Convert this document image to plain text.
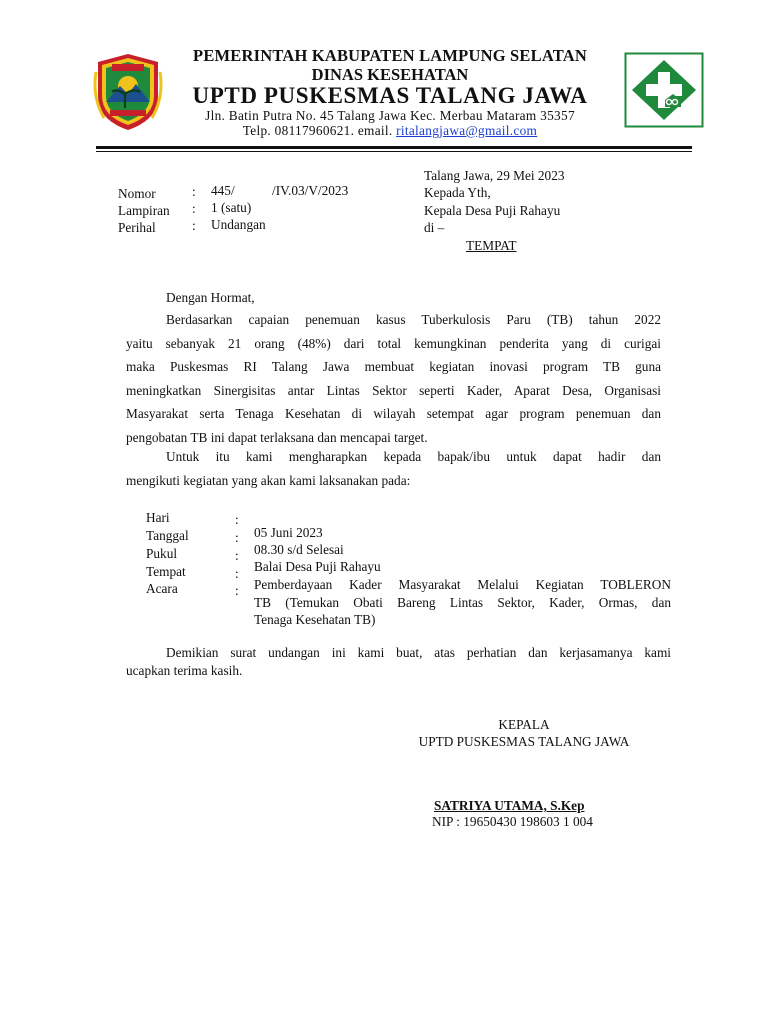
PEMERINTAH KABUPATEN LAMPUNG SELATAN
DINAS KESEHATAN
UPTD PUSKESMAS TALANG JAWA
Jln. Batin Putra No. 45 Talang Jawa Kec. Merbau Mataram 35357
Telp. 08117960621. email. ritalangjawa@gmail.com
Nomor	: 445/	/IV.03/V/2023
Lampiran : 1 (satu)
Perihal	: Undangan
Talang Jawa, 29 Mei 2023
Kepada Yth,
Kepala Desa Puji Rahayu
di –
TEMPAT
Dengan Hormat,
Berdasarkan capaian penemuan kasus Tuberkulosis Paru (TB) tahun 2022
yaitu sebanyak 21 orang (48%) dari total kemungkinan penderita yang di curigai
maka Puskesmas RI Talang Jawa membuat kegiatan inovasi program TB guna
meningkatkan Sinergisitas antar Lintas Sektor seperti Kader, Aparat Desa, Organisasi
Masyarakat serta Tenaga Kesehatan di wilayah setempat agar program penemuan dan
pengobatan TB ini dapat terlaksana dan mencapai target.
Untuk itu kami mengharapkan kepada bapak/ibu untuk dapat hadir dan
mengikuti kegiatan yang akan kami laksanakan pada:
Hari	:
Tanggal	: 05 Juni 2023
Pukul	: 08.30 s/d Selesai
Tempat	: Balai Desa Puji Rahayu
Acara	: Pemberdayaan Kader Masyarakat Melalui Kegiatan TOBLERON
TB (Temukan Obati Bareng Lintas Sektor, Kader, Ormas, dan
Tenaga Kesehatan TB)
Demikian surat undangan ini kami buat, atas perhatian dan kerjasamanya kami
ucapkan terima kasih.
KEPALA
UPTD PUSKESMAS TALANG JAWA
SATRIYA UTAMA, S.Kep
NIP : 19650430 198603 1 004
